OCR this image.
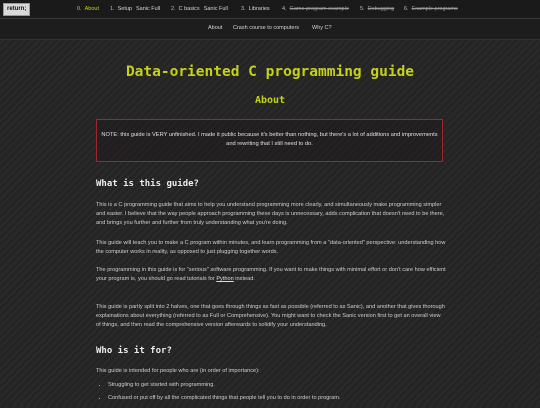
return;	0. About 1. Setup Sanic Full 2. C basics Sanic Full 3. Libraries 4. Game program example 5. Debugging 6. Example programs
About Crash course to computers Why C?
Data-oriented C programming guide
About
NOTE: this guide is VERY unfinished. I made it public because it's better than nothing, but there's a lot of additions and improvements and rewriting that I still need to do.
What is this guide?

This is a C programming guide that aims to help you understand programming more clearly, and simultaneously make programming simpler and easier. I believe that the way people approach programming these days is unnecessary, adds complication that doesn't need to be there, and brings you further and further from truly understanding what you're doing.

This guide will teach you to make a C program within minutes, and learn programming from a "data-oriented" perspective: understanding how the computer works in reality, as opposed to just plugging together words.

The programming in this guide is for "serious" software programming. If you want to make things with minimal effort or don't care how efficient your program is, you should go read tutorials for Python instead.

This guide is partly split into 2 halves, one that goes through things as fast as possible (referred to as Sanic), and another that gives thorough explainations about everything (referred to as Full or Comprehensive). You might want to check the Sanic version first to get an overall view of things, and then read the comprehensive version afterwards to solidify your understanding.

Who is it for?

This guide is intended for people who are (in order of importance):

• Struggling to get started with programming.
• Confused or put off by all the complicated things that people tell you to do in order to program.
